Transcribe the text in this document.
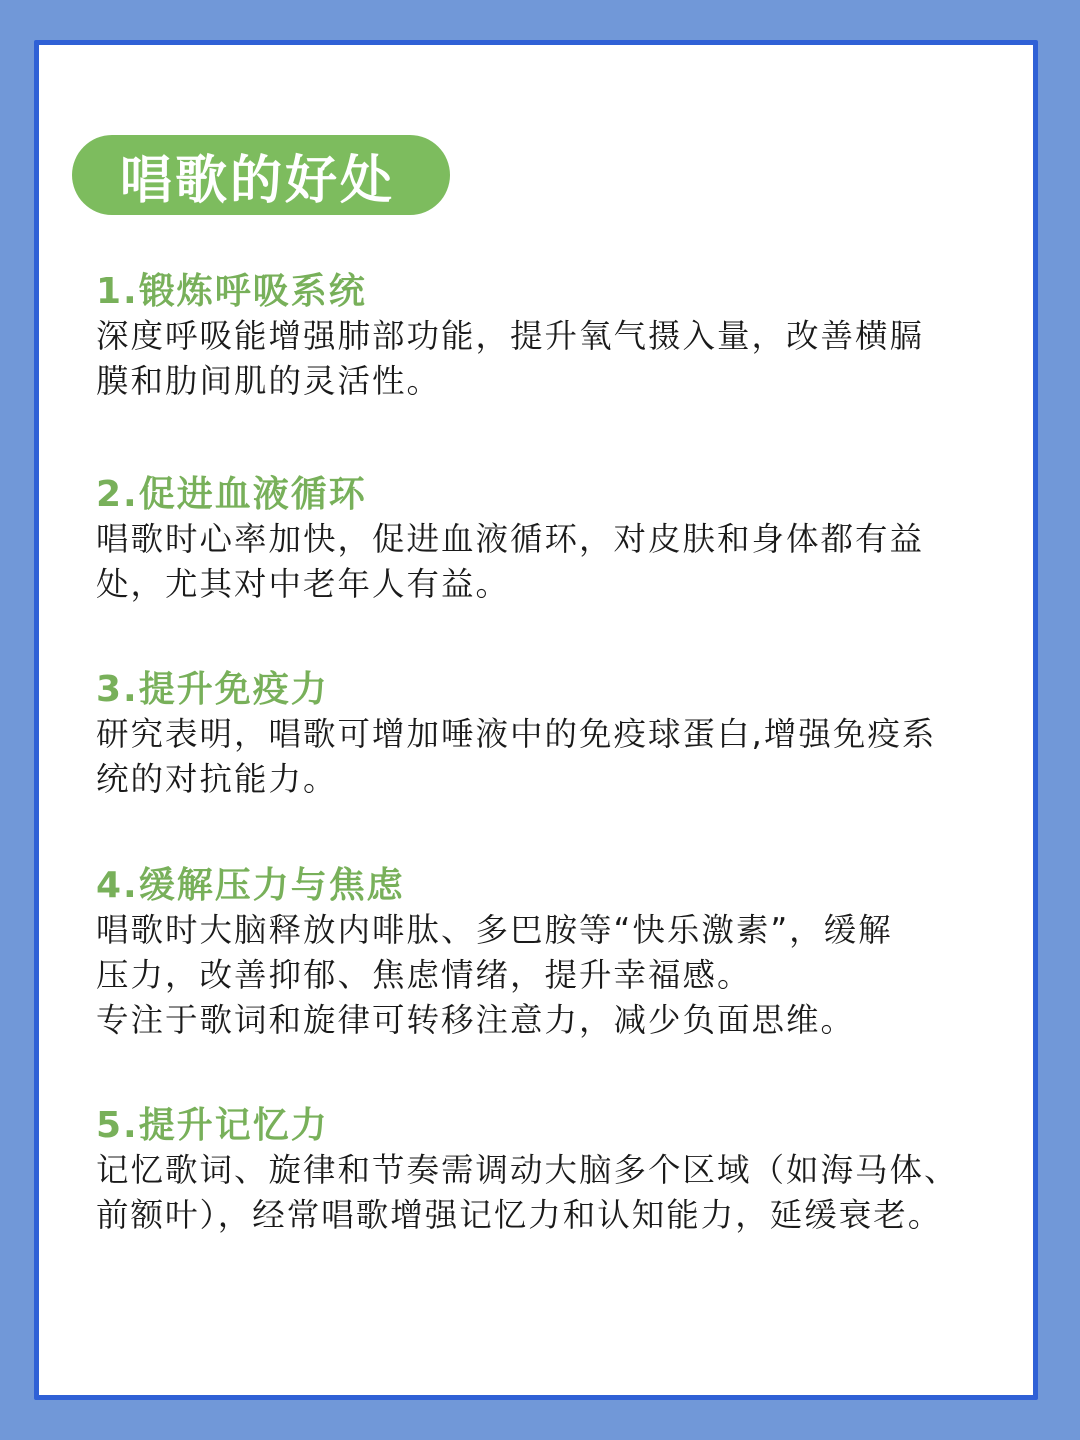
唱歌的好处
1.锻炼呼吸系统
深度呼吸能增强肺部功能，提升氧气摄入量，改善横膈
膜和肋间肌的灵活性。
2.促进血液循环
唱歌时心率加快，促进血液循环，对皮肤和身体都有益
处，尤其对中老年人有益。
3.提升免疫力
研究表明，唱歌可增加唾液中的免疫球蛋白,增强免疫系
统的对抗能力。
4.缓解压力与焦虑
唱歌时大脑释放内啡肽、多巴胺等“快乐激素”，缓解
压力，改善抑郁、焦虑情绪，提升幸福感。
专注于歌词和旋律可转移注意力，减少负面思维。
5.提升记忆力
记忆歌词、旋律和节奏需调动大脑多个区域（如海马体、
前额叶），经常唱歌增强记忆力和认知能力，延缓衰老。
